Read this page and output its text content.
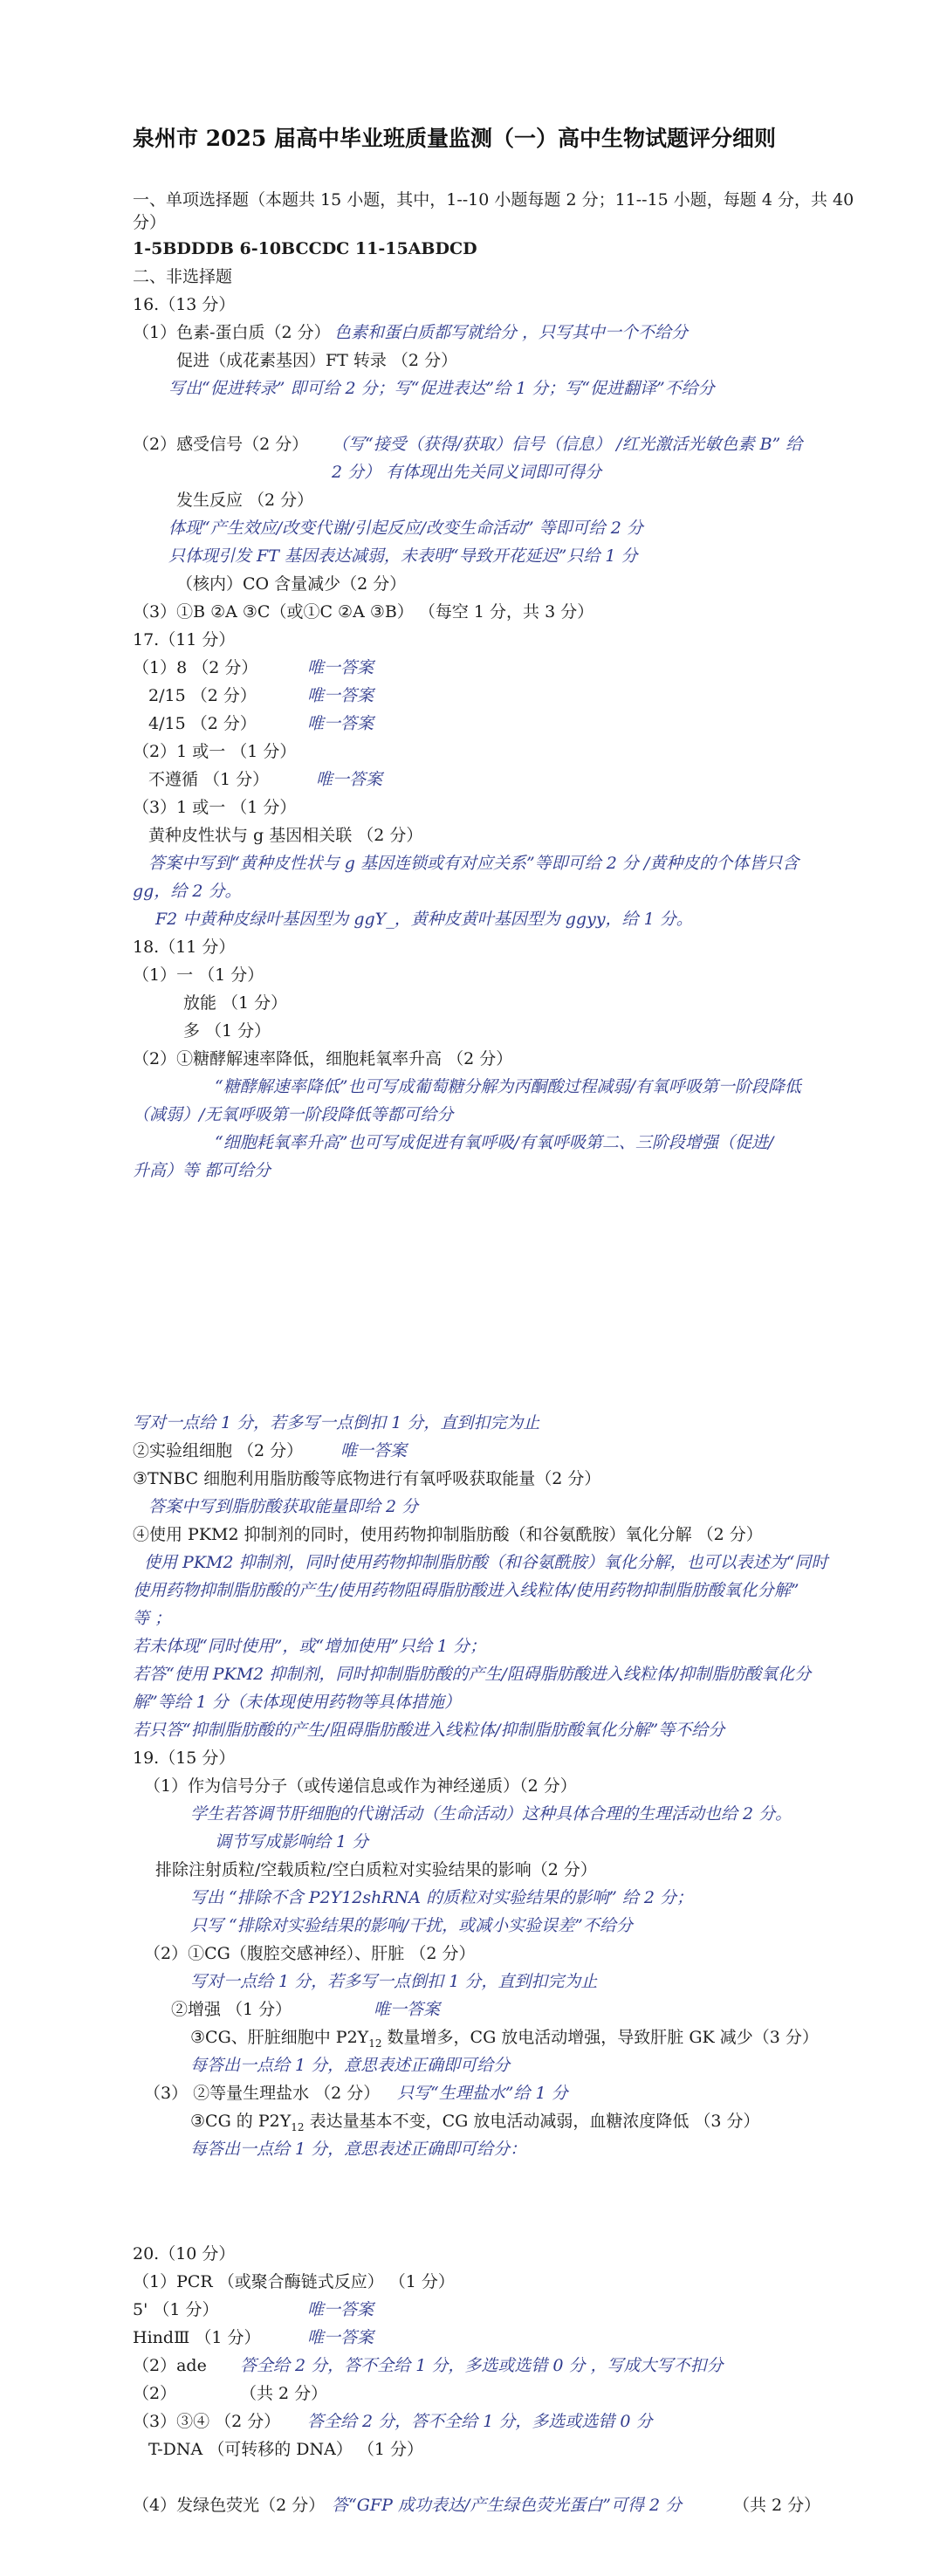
泉州市 2025 届高中毕业班质量监测（一）高中生物试题评分细则
一、单项选择题（本题共 15 小题，其中，1--10 小题每题 2 分；11--15 小题，每题 4 分，共 40
分）
1-5BDDDB 6-10BCCDC 11-15ABDCD
二、非选择题
16.（13 分）
（1）色素-蛋白质（2 分） 色素和蛋白质都写就给分 ，只写其中一个不给分
促进（成花素基因）FT 转录 （2 分）
写出“促进转录” 即可给 2 分；写“促进表达”给 1 分；写“促进翻译”不给分
（2）感受信号（2 分） （写“接受（获得/获取）信号（信息） /红光激活光敏色素 B” 给
2 分） 有体现出先关同义词即可得分
发生反应 （2 分）
体现“产生效应/改变代谢/引起反应/改变生命活动” 等即可给 2 分
只体现引发 FT 基因表达减弱，未表明“导致开花延迟”只给 1 分
（核内）CO 含量减少（2 分）
（3）①B ②A ③C（或①C ②A ③B） （每空 1 分，共 3 分）
17.（11 分）
（1）8 （2 分）	唯一答案
2/15 （2 分）	唯一答案
4/15 （2 分）	唯一答案
（2）1 或一 （1 分）
不遵循 （1 分）	唯一答案
（3）1 或一 （1 分）
黄种皮性状与 g 基因相关联 （2 分）
答案中写到“黄种皮性状与 g 基因连锁或有对应关系”等即可给 2 分 /黄种皮的个体皆只含
gg，给 2 分。
F2 中黄种皮绿叶基因型为 ggY_，黄种皮黄叶基因型为 ggyy，给 1 分。
18.（11 分）
（1）一 （1 分）
放能 （1 分）
多 （1 分）
（2）①糖酵解速率降低，细胞耗氧率升高 （2 分）
“糖酵解速率降低”也可写成葡萄糖分解为丙酮酸过程减弱/有氧呼吸第一阶段降低
（减弱）/无氧呼吸第一阶段降低等都可给分
“细胞耗氧率升高”也可写成促进有氧呼吸/有氧呼吸第二、三阶段增强（促进/
升高）等 都可给分
写对一点给 1 分，若多写一点倒扣 1 分，直到扣完为止
②实验组细胞 （2 分） 唯一答案
③TNBC 细胞利用脂肪酸等底物进行有氧呼吸获取能量（2 分）
答案中写到脂肪酸获取能量即给 2 分
④使用 PKM2 抑制剂的同时，使用药物抑制脂肪酸（和谷氨酰胺）氧化分解 （2 分）
使用 PKM2 抑制剂，同时使用药物抑制脂肪酸（和谷氨酰胺）氧化分解，也可以表述为“同时
使用药物抑制脂肪酸的产生/使用药物阻碍脂肪酸进入线粒体/使用药物抑制脂肪酸氧化分解”
等 ；
若未体现“同时使用”，或“增加使用”只给 1 分；
若答“使用 PKM2 抑制剂，同时抑制脂肪酸的产生/阻碍脂肪酸进入线粒体/抑制脂肪酸氧化分
解”等给 1 分（未体现使用药物等具体措施）
若只答“抑制脂肪酸的产生/阻碍脂肪酸进入线粒体/抑制脂肪酸氧化分解”等不给分
19.（15 分）
（1）作为信号分子（或传递信息或作为神经递质）（2 分）
学生若答调节肝细胞的代谢活动（生命活动）这种具体合理的生理活动也给 2 分。
调节写成影响给 1 分
排除注射质粒/空载质粒/空白质粒对实验结果的影响（2 分）
写出 “排除不含 P2Y12shRNA 的质粒对实验结果的影响” 给 2 分；
只写 “排除对实验结果的影响/干扰，或减小实验误差”不给分
（2）①CG（腹腔交感神经）、肝脏 （2 分）
写对一点给 1 分，若多写一点倒扣 1 分，直到扣完为止
②增强 （1 分）	唯一答案
③CG、肝脏细胞中 $P2Y_{12}$ 数量增多，CG 放电活动增强，导致肝脏 GK 减少（3 分）
每答出一点给 1 分，意思表述正确即可给分
（3） ②等量生理盐水 （2 分） 只写“生理盐水”给 1 分
③CG 的 $P2Y_{12}$ 表达量基本不变，CG 放电活动减弱，血糖浓度降低 （3 分）
每答出一点给 1 分，意思表述正确即可给分：
20.（10 分）
（1）PCR （或聚合酶链式反应） （1 分）
5' （1 分）	唯一答案
HindⅢ （1 分）	唯一答案
（2）ade 答全给 2 分，答不全给 1 分，多选或选错 0 分 ，写成大写不扣分
（2）	（共 2 分）
（3）③④ （2 分） 答全给 2 分，答不全给 1 分，多选或选错 0 分
T-DNA （可转移的 DNA） （1 分）
（4）发绿色荧光（2 分） 答“GFP 成功表达/产生绿色荧光蛋白”可得 2 分	（共 2 分）
